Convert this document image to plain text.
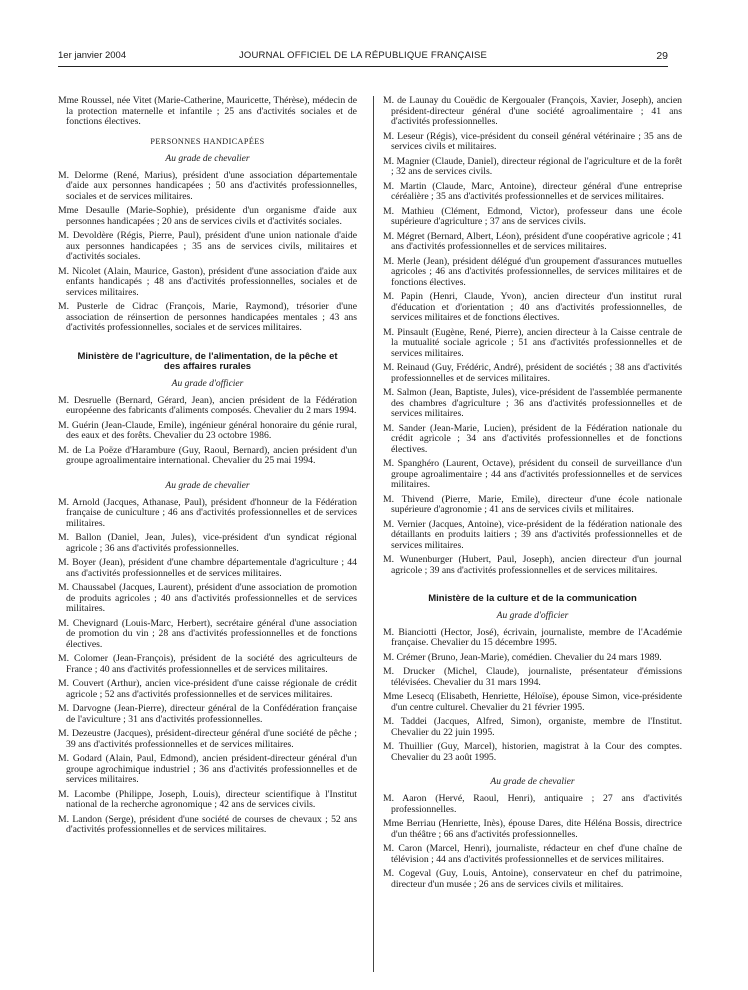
1er janvier 2004	JOURNAL OFFICIEL DE LA RÉPUBLIQUE FRANÇAISE	29

Mme Roussel, née Vitet (Marie-Catherine, Mauricette, Thérèse), médecin de la protection maternelle et infantile ; 25 ans d'activités sociales et de fonctions électives.

PERSONNES HANDICAPÉES
Au grade de chevalier

M. Delorme (René, Marius), président d'une association départementale d'aide aux personnes handicapées ; 50 ans d'activités professionnelles, sociales et de services militaires.

Mme Desaulle (Marie-Sophie), présidente d'un organisme d'aide aux personnes handicapées ; 20 ans de services civils et d'activités sociales.

M. Devoldère (Régis, Pierre, Paul), président d'une union nationale d'aide aux personnes handicapées ; 35 ans de services civils, militaires et d'activités sociales.

M. Nicolet (Alain, Maurice, Gaston), président d'une association d'aide aux enfants handicapés ; 48 ans d'activités professionnelles, sociales et de services militaires.

M. Pusterle de Cidrac (François, Marie, Raymond), trésorier d'une association de réinsertion de personnes handicapées mentales ; 43 ans d'activités professionnelles, sociales et de services militaires.

Ministère de l'agriculture, de l'alimentation, de la pêche et des affaires rurales
Au grade d'officier

M. Desruelle (Bernard, Gérard, Jean), ancien président de la Fédération européenne des fabricants d'aliments composés. Chevalier du 2 mars 1994.

M. Guérin (Jean-Claude, Emile), ingénieur général honoraire du génie rural, des eaux et des forêts. Chevalier du 23 octobre 1986.

M. de La Poëze d'Harambure (Guy, Raoul, Bernard), ancien président d'un groupe agroalimentaire international. Chevalier du 25 mai 1994.

Au grade de chevalier

M. Arnold (Jacques, Athanase, Paul), président d'honneur de la Fédération française de cuniculture ; 46 ans d'activités professionnelles et de services militaires.

M. Ballon (Daniel, Jean, Jules), vice-président d'un syndicat régional agricole ; 36 ans d'activités professionnelles.

M. Boyer (Jean), président d'une chambre départementale d'agriculture ; 44 ans d'activités professionnelles et de services militaires.

M. Chaussabel (Jacques, Laurent), président d'une association de promotion de produits agricoles ; 40 ans d'activités professionnelles et de services militaires.

M. Chevignard (Louis-Marc, Herbert), secrétaire général d'une association de promotion du vin ; 28 ans d'activités professionnelles et de fonctions électives.

M. Colomer (Jean-François), président de la société des agriculteurs de France ; 40 ans d'activités professionnelles et de services militaires.

M. Couvert (Arthur), ancien vice-président d'une caisse régionale de crédit agricole ; 52 ans d'activités professionnelles et de services militaires.

M. Darvogne (Jean-Pierre), directeur général de la Confédération française de l'aviculture ; 31 ans d'activités professionnelles.

M. Dezeustre (Jacques), président-directeur général d'une société de pêche ; 39 ans d'activités professionnelles et de services militaires.

M. Godard (Alain, Paul, Edmond), ancien président-directeur général d'un groupe agrochimique industriel ; 36 ans d'activités professionnelles et de services militaires.

M. Lacombe (Philippe, Joseph, Louis), directeur scientifique à l'Institut national de la recherche agronomique ; 42 ans de services civils.

M. Landon (Serge), président d'une société de courses de chevaux ; 52 ans d'activités professionnelles et de services militaires.

M. de Launay du Couëdic de Kergoualer (François, Xavier, Joseph), ancien président-directeur général d'une société agroalimentaire ; 41 ans d'activités professionnelles.

M. Leseur (Régis), vice-président du conseil général vétérinaire ; 35 ans de services civils et militaires.

M. Magnier (Claude, Daniel), directeur régional de l'agriculture et de la forêt ; 32 ans de services civils.

M. Martin (Claude, Marc, Antoine), directeur général d'une entreprise céréalière ; 35 ans d'activités professionnelles et de services militaires.

M. Mathieu (Clément, Edmond, Victor), professeur dans une école supérieure d'agriculture ; 37 ans de services civils.

M. Mégret (Bernard, Albert, Léon), président d'une coopérative agricole ; 41 ans d'activités professionnelles et de services militaires.

M. Merle (Jean), président délégué d'un groupement d'assurances mutuelles agricoles ; 46 ans d'activités professionnelles, de services militaires et de fonctions électives.

M. Papin (Henri, Claude, Yvon), ancien directeur d'un institut rural d'éducation et d'orientation ; 40 ans d'activités professionnelles, de services militaires et de fonctions électives.

M. Pinsault (Eugène, René, Pierre), ancien directeur à la Caisse centrale de la mutualité sociale agricole ; 51 ans d'activités professionnelles et de services militaires.

M. Reinaud (Guy, Frédéric, André), président de sociétés ; 38 ans d'activités professionnelles et de services militaires.

M. Salmon (Jean, Baptiste, Jules), vice-président de l'assemblée permanente des chambres d'agriculture ; 36 ans d'activités professionnelles et de services militaires.

M. Sander (Jean-Marie, Lucien), président de la Fédération nationale du crédit agricole ; 34 ans d'activités professionnelles et de fonctions électives.

M. Spanghéro (Laurent, Octave), président du conseil de surveillance d'un groupe agroalimentaire ; 44 ans d'activités professionnelles et de services militaires.

M. Thivend (Pierre, Marie, Emile), directeur d'une école nationale supérieure d'agronomie ; 41 ans de services civils et militaires.

M. Vernier (Jacques, Antoine), vice-président de la fédération nationale des détaillants en produits laitiers ; 39 ans d'activités professionnelles et de services militaires.

M. Wunenburger (Hubert, Paul, Joseph), ancien directeur d'un journal agricole ; 39 ans d'activités professionnelles et de services militaires.

Ministère de la culture et de la communication
Au grade d'officier

M. Bianciotti (Hector, José), écrivain, journaliste, membre de l'Académie française. Chevalier du 15 décembre 1995.

M. Crémer (Bruno, Jean-Marie), comédien. Chevalier du 24 mars 1989.

M. Drucker (Michel, Claude), journaliste, présentateur d'émissions télévisées. Chevalier du 31 mars 1994.

Mme Lesecq (Elisabeth, Henriette, Héloïse), épouse Simon, vice-présidente d'un centre culturel. Chevalier du 21 février 1995.

M. Taddei (Jacques, Alfred, Simon), organiste, membre de l'Institut. Chevalier du 22 juin 1995.

M. Thuillier (Guy, Marcel), historien, magistrat à la Cour des comptes. Chevalier du 23 août 1995.

Au grade de chevalier

M. Aaron (Hervé, Raoul, Henri), antiquaire ; 27 ans d'activités professionnelles.

Mme Berriau (Henriette, Inès), épouse Dares, dite Héléna Bossis, directrice d'un théâtre ; 66 ans d'activités professionnelles.

M. Caron (Marcel, Henri), journaliste, rédacteur en chef d'une chaîne de télévision ; 44 ans d'activités professionnelles et de services militaires.

M. Cogeval (Guy, Louis, Antoine), conservateur en chef du patrimoine, directeur d'un musée ; 26 ans de services civils et militaires.
